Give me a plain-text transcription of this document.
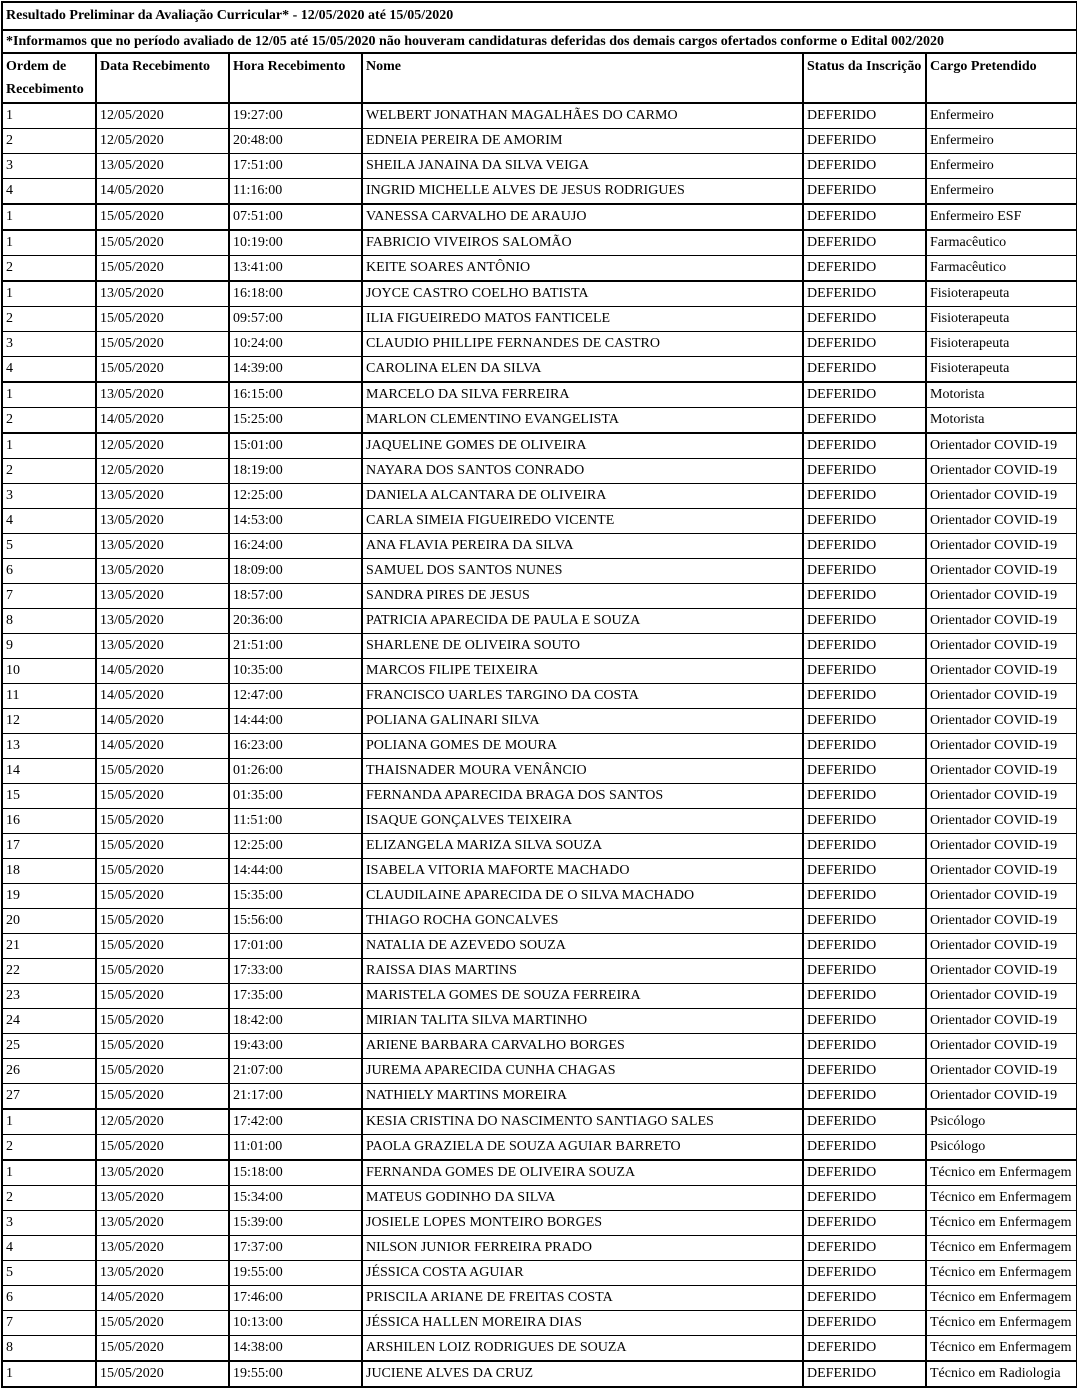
Resultado Preliminar da Avaliação Curricular* - 12/05/2020 até 15/05/2020					
*Informamos que no período avaliado de 12/05 até 15/05/2020 não houveram candidaturas deferidas dos demais cargos ofertados conforme o Edital 002/2020					
Ordem de Recebimento	Data Recebimento	Hora Recebimento	Nome	Status da Inscrição	Cargo Pretendido
1	12/05/2020	19:27:00	WELBERT JONATHAN MAGALHÃES DO CARMO	DEFERIDO	Enfermeiro
2	12/05/2020	20:48:00	EDNEIA PEREIRA DE AMORIM	DEFERIDO	Enfermeiro
3	13/05/2020	17:51:00	SHEILA JANAINA DA SILVA VEIGA	DEFERIDO	Enfermeiro
4	14/05/2020	11:16:00	INGRID MICHELLE ALVES DE JESUS RODRIGUES	DEFERIDO	Enfermeiro
1	15/05/2020	07:51:00	VANESSA CARVALHO DE ARAUJO	DEFERIDO	Enfermeiro ESF
1	15/05/2020	10:19:00	FABRICIO VIVEIROS SALOMÃO	DEFERIDO	Farmacêutico
2	15/05/2020	13:41:00	KEITE SOARES ANTÔNIO	DEFERIDO	Farmacêutico
1	13/05/2020	16:18:00	JOYCE CASTRO COELHO BATISTA	DEFERIDO	Fisioterapeuta
2	15/05/2020	09:57:00	ILIA FIGUEIREDO MATOS FANTICELE	DEFERIDO	Fisioterapeuta
3	15/05/2020	10:24:00	CLAUDIO PHILLIPE FERNANDES DE CASTRO	DEFERIDO	Fisioterapeuta
4	15/05/2020	14:39:00	CAROLINA ELEN DA SILVA	DEFERIDO	Fisioterapeuta
1	13/05/2020	16:15:00	MARCELO DA SILVA FERREIRA	DEFERIDO	Motorista
2	14/05/2020	15:25:00	MARLON CLEMENTINO EVANGELISTA	DEFERIDO	Motorista
1	12/05/2020	15:01:00	JAQUELINE GOMES DE OLIVEIRA	DEFERIDO	Orientador COVID-19
2	12/05/2020	18:19:00	NAYARA DOS SANTOS CONRADO	DEFERIDO	Orientador COVID-19
3	13/05/2020	12:25:00	DANIELA ALCANTARA DE OLIVEIRA	DEFERIDO	Orientador COVID-19
4	13/05/2020	14:53:00	CARLA SIMEIA FIGUEIREDO VICENTE	DEFERIDO	Orientador COVID-19
5	13/05/2020	16:24:00	ANA FLAVIA PEREIRA DA SILVA	DEFERIDO	Orientador COVID-19
6	13/05/2020	18:09:00	SAMUEL DOS SANTOS NUNES	DEFERIDO	Orientador COVID-19
7	13/05/2020	18:57:00	SANDRA PIRES DE JESUS	DEFERIDO	Orientador COVID-19
8	13/05/2020	20:36:00	PATRICIA APARECIDA DE PAULA E SOUZA	DEFERIDO	Orientador COVID-19
9	13/05/2020	21:51:00	SHARLENE DE OLIVEIRA SOUTO	DEFERIDO	Orientador COVID-19
10	14/05/2020	10:35:00	MARCOS FILIPE TEIXEIRA	DEFERIDO	Orientador COVID-19
11	14/05/2020	12:47:00	FRANCISCO UARLES TARGINO DA COSTA	DEFERIDO	Orientador COVID-19
12	14/05/2020	14:44:00	POLIANA GALINARI SILVA	DEFERIDO	Orientador COVID-19
13	14/05/2020	16:23:00	POLIANA GOMES DE MOURA	DEFERIDO	Orientador COVID-19
14	15/05/2020	01:26:00	THAISNADER MOURA VENÂNCIO	DEFERIDO	Orientador COVID-19
15	15/05/2020	01:35:00	FERNANDA APARECIDA BRAGA DOS SANTOS	DEFERIDO	Orientador COVID-19
16	15/05/2020	11:51:00	ISAQUE GONÇALVES TEIXEIRA	DEFERIDO	Orientador COVID-19
17	15/05/2020	12:25:00	ELIZANGELA MARIZA SILVA SOUZA	DEFERIDO	Orientador COVID-19
18	15/05/2020	14:44:00	ISABELA VITORIA MAFORTE MACHADO	DEFERIDO	Orientador COVID-19
19	15/05/2020	15:35:00	CLAUDILAINE APARECIDA DE O SILVA MACHADO	DEFERIDO	Orientador COVID-19
20	15/05/2020	15:56:00	THIAGO ROCHA GONCALVES	DEFERIDO	Orientador COVID-19
21	15/05/2020	17:01:00	NATALIA DE AZEVEDO SOUZA	DEFERIDO	Orientador COVID-19
22	15/05/2020	17:33:00	RAISSA DIAS MARTINS	DEFERIDO	Orientador COVID-19
23	15/05/2020	17:35:00	MARISTELA GOMES DE SOUZA FERREIRA	DEFERIDO	Orientador COVID-19
24	15/05/2020	18:42:00	MIRIAN TALITA SILVA MARTINHO	DEFERIDO	Orientador COVID-19
25	15/05/2020	19:43:00	ARIENE BARBARA CARVALHO BORGES	DEFERIDO	Orientador COVID-19
26	15/05/2020	21:07:00	JUREMA APARECIDA CUNHA CHAGAS	DEFERIDO	Orientador COVID-19
27	15/05/2020	21:17:00	NATHIELY MARTINS MOREIRA	DEFERIDO	Orientador COVID-19
1	12/05/2020	17:42:00	KESIA CRISTINA DO NASCIMENTO SANTIAGO SALES	DEFERIDO	Psicólogo
2	15/05/2020	11:01:00	PAOLA GRAZIELA DE SOUZA AGUIAR BARRETO	DEFERIDO	Psicólogo
1	13/05/2020	15:18:00	FERNANDA GOMES DE OLIVEIRA SOUZA	DEFERIDO	Técnico em Enfermagem
2	13/05/2020	15:34:00	MATEUS GODINHO DA SILVA	DEFERIDO	Técnico em Enfermagem
3	13/05/2020	15:39:00	JOSIELE LOPES MONTEIRO BORGES	DEFERIDO	Técnico em Enfermagem
4	13/05/2020	17:37:00	NILSON JUNIOR FERREIRA PRADO	DEFERIDO	Técnico em Enfermagem
5	13/05/2020	19:55:00	JÉSSICA COSTA AGUIAR	DEFERIDO	Técnico em Enfermagem
6	14/05/2020	17:46:00	PRISCILA ARIANE DE FREITAS COSTA	DEFERIDO	Técnico em Enfermagem
7	15/05/2020	10:13:00	JÉSSICA HALLEN MOREIRA DIAS	DEFERIDO	Técnico em Enfermagem
8	15/05/2020	14:38:00	ARSHILEN LOIZ RODRIGUES DE SOUZA	DEFERIDO	Técnico em Enfermagem
1	15/05/2020	19:55:00	JUCIENE ALVES DA CRUZ	DEFERIDO	Técnico em Radiologia
